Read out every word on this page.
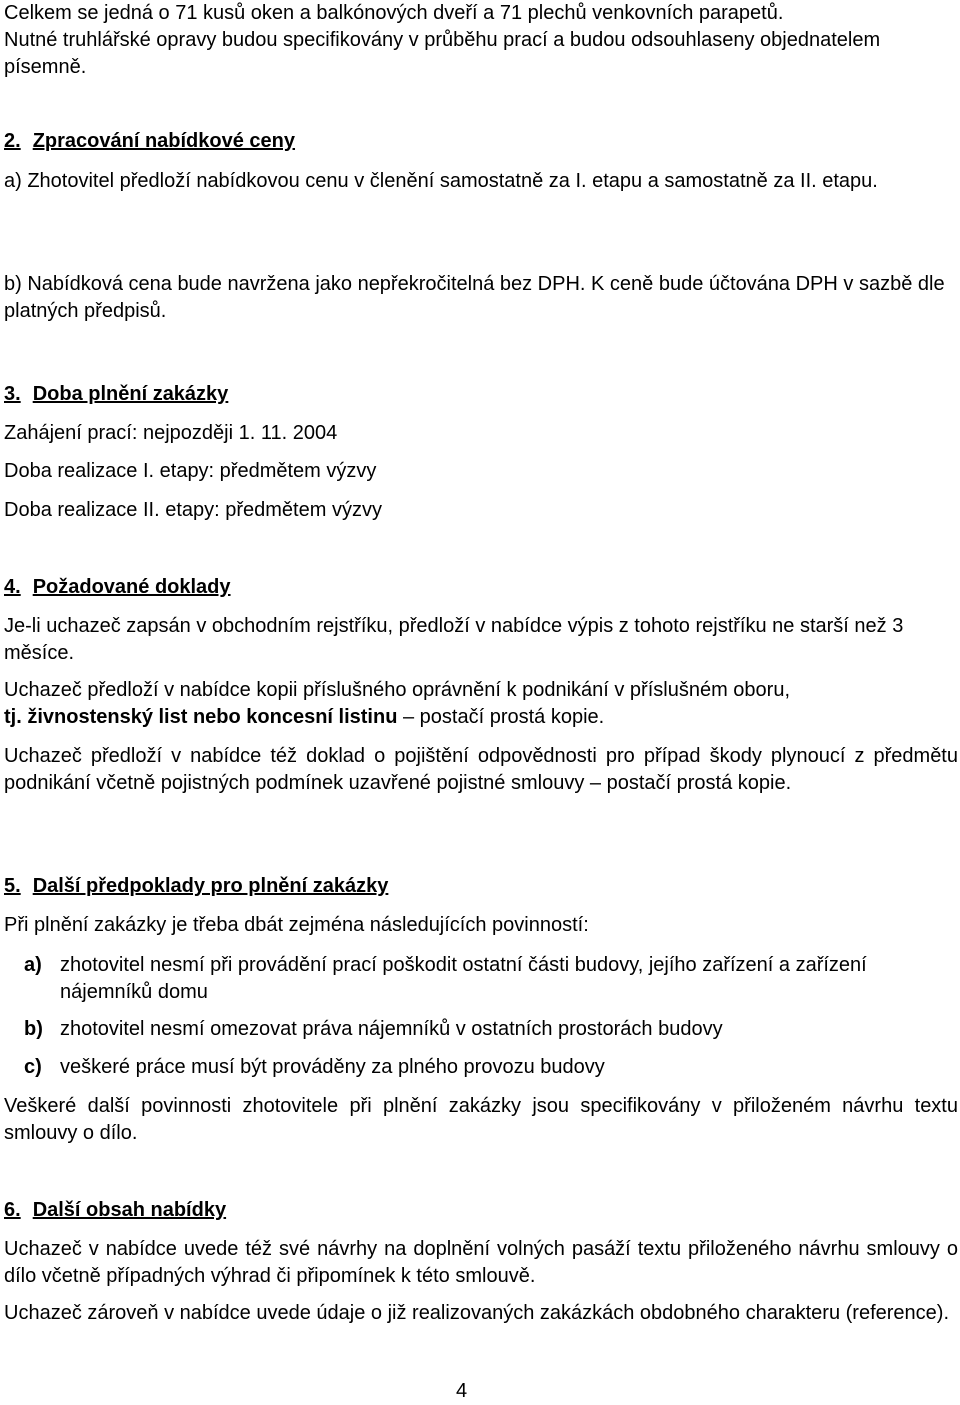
Celkem se jedná o 71 kusů oken a balkónových dveří a 71 plechů venkovních parapetů.

Nutné truhlářské opravy budou specifikovány v průběhu prací a budou odsouhlaseny objednatelem písemně.

2. Zpracování nabídkové ceny

a) Zhotovitel předloží nabídkovou cenu v členění samostatně za I. etapu a samostatně za II. etapu.

b) Nabídková cena bude navržena jako nepřekročitelná bez DPH. K ceně bude účtována DPH v sazbě dle platných předpisů.

3. Doba plnění zakázky

Zahájení prací: nejpozději 1. 11. 2004

Doba realizace I. etapy: předmětem výzvy

Doba realizace II. etapy: předmětem výzvy

4. Požadované doklady

Je-li uchazeč zapsán v obchodním rejstříku, předloží v nabídce výpis z tohoto rejstříku ne starší než 3 měsíce.

Uchazeč předloží v nabídce kopii příslušného oprávnění k podnikání v příslušném oboru,
tj. živnostenský list nebo koncesní listinu – postačí prostá kopie.

Uchazeč předloží v nabídce též doklad o pojištění odpovědnosti pro případ škody plynoucí z předmětu podnikání včetně pojistných podmínek uzavřené pojistné smlouvy – postačí prostá kopie.

5. Další předpoklady pro plnění zakázky

Při plnění zakázky je třeba dbát zejména následujících povinností:

a) zhotovitel nesmí při provádění prací poškodit ostatní části budovy, jejího zařízení a zařízení nájemníků domu
b) zhotovitel nesmí omezovat práva nájemníků v ostatních prostorách budovy
c) veškeré práce musí být prováděny za plného provozu budovy

Veškeré další povinnosti zhotovitele při plnění zakázky jsou specifikovány v přiloženém návrhu textu smlouvy o dílo.

6. Další obsah nabídky

Uchazeč v nabídce uvede též své návrhy na doplnění volných pasáží textu přiloženého návrhu smlouvy o dílo včetně případných výhrad či připomínek k této smlouvě.

Uchazeč zároveň v nabídce uvede údaje o již realizovaných zakázkách obdobného charakteru (reference).

4
